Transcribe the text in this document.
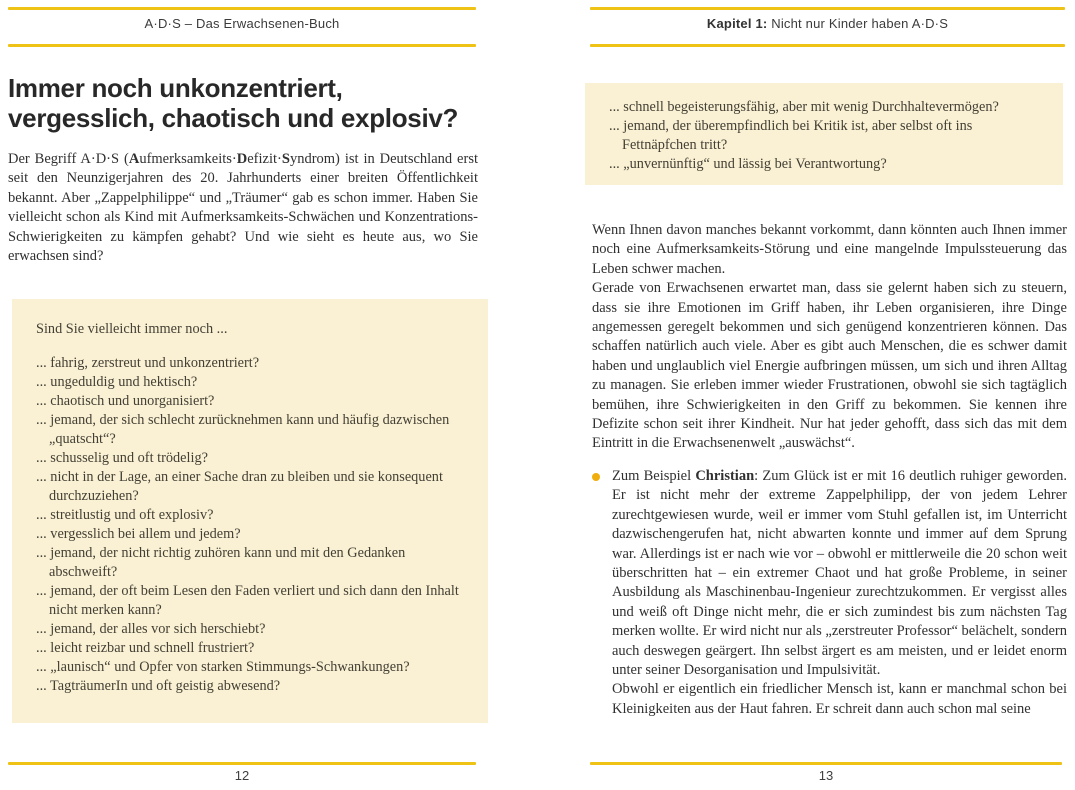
A·D·S – Das Erwachsenen-Buch
Immer noch unkonzentriert,
vergesslich, chaotisch und explosiv?

Der Begriff A·D·S (Aufmerksamkeits·Defizit·Syndrom) ist in Deutschland erst seit den Neunzigerjahren des 20. Jahrhunderts einer breiten Öffentlichkeit bekannt. Aber „Zappelphilippe“ und „Träumer“ gab es schon immer. Haben Sie vielleicht schon als Kind mit Aufmerksamkeits-Schwächen und Konzentrations-Schwierigkeiten zu kämpfen gehabt? Und wie sieht es heute aus, wo Sie erwachsen sind?

Sind Sie vielleicht immer noch ...

... fahrig, zerstreut und unkonzentriert?

... ungeduldig und hektisch?

... chaotisch und unorganisiert?

... jemand, der sich schlecht zurücknehmen kann und häufig dazwischen „quatscht“?

... schusselig und oft trödelig?

... nicht in der Lage, an einer Sache dran zu bleiben und sie konsequent durchzuziehen?

... streitlustig und oft explosiv?

... vergesslich bei allem und jedem?

... jemand, der nicht richtig zuhören kann und mit den Gedanken abschweift?

... jemand, der oft beim Lesen den Faden verliert und sich dann den Inhalt nicht merken kann?

... jemand, der alles vor sich herschiebt?

... leicht reizbar und schnell frustriert?

... „launisch“ und Opfer von starken Stimmungs-Schwankungen?

... TagträumerIn und oft geistig abwesend?

12
Kapitel 1: Nicht nur Kinder haben A·D·S

... schnell begeisterungsfähig, aber mit wenig Durchhaltevermögen?

... jemand, der überempfindlich bei Kritik ist, aber selbst oft ins Fettnäpfchen tritt?

... „unvernünftig“ und lässig bei Verantwortung?

Wenn Ihnen davon manches bekannt vorkommt, dann könnten auch Ihnen immer noch eine Aufmerksamkeits-Störung und eine mangelnde Impulssteuerung das Leben schwer machen.

Gerade von Erwachsenen erwartet man, dass sie gelernt haben sich zu steuern, dass sie ihre Emotionen im Griff haben, ihr Leben organisieren, ihre Dinge angemessen geregelt bekommen und sich genügend konzentrieren können. Das schaffen natürlich auch viele. Aber es gibt auch Menschen, die es schwer damit haben und unglaublich viel Energie aufbringen müssen, um sich und ihren Alltag zu managen. Sie erleben immer wieder Frustrationen, obwohl sie sich tagtäglich bemühen, ihre Schwierigkeiten in den Griff zu bekommen. Sie kennen ihre Defizite schon seit ihrer Kindheit. Nur hat jeder gehofft, dass sich das mit dem Eintritt in die Erwachsenenwelt „auswächst“.

Zum Beispiel Christian: Zum Glück ist er mit 16 deutlich ruhiger geworden. Er ist nicht mehr der extreme Zappelphilipp, der von jedem Lehrer zurechtgewiesen wurde, weil er immer vom Stuhl gefallen ist, im Unterricht dazwischengerufen hat, nicht abwarten konnte und immer auf dem Sprung war. Allerdings ist er nach wie vor – obwohl er mittlerweile die 20 schon weit überschritten hat – ein extremer Chaot und hat große Probleme, in seiner Ausbildung als Maschinenbau-Ingenieur zurechtzukommen. Er vergisst alles und weiß oft Dinge nicht mehr, die er sich zumindest bis zum nächsten Tag merken wollte. Er wird nicht nur als „zerstreuter Professor“ belächelt, sondern auch deswegen geärgert. Ihn selbst ärgert es am meisten, und er leidet enorm unter seiner Desorganisation und Impulsivität.

Obwohl er eigentlich ein friedlicher Mensch ist, kann er manchmal schon bei Kleinigkeiten aus der Haut fahren. Er schreit dann auch schon mal seine

13
